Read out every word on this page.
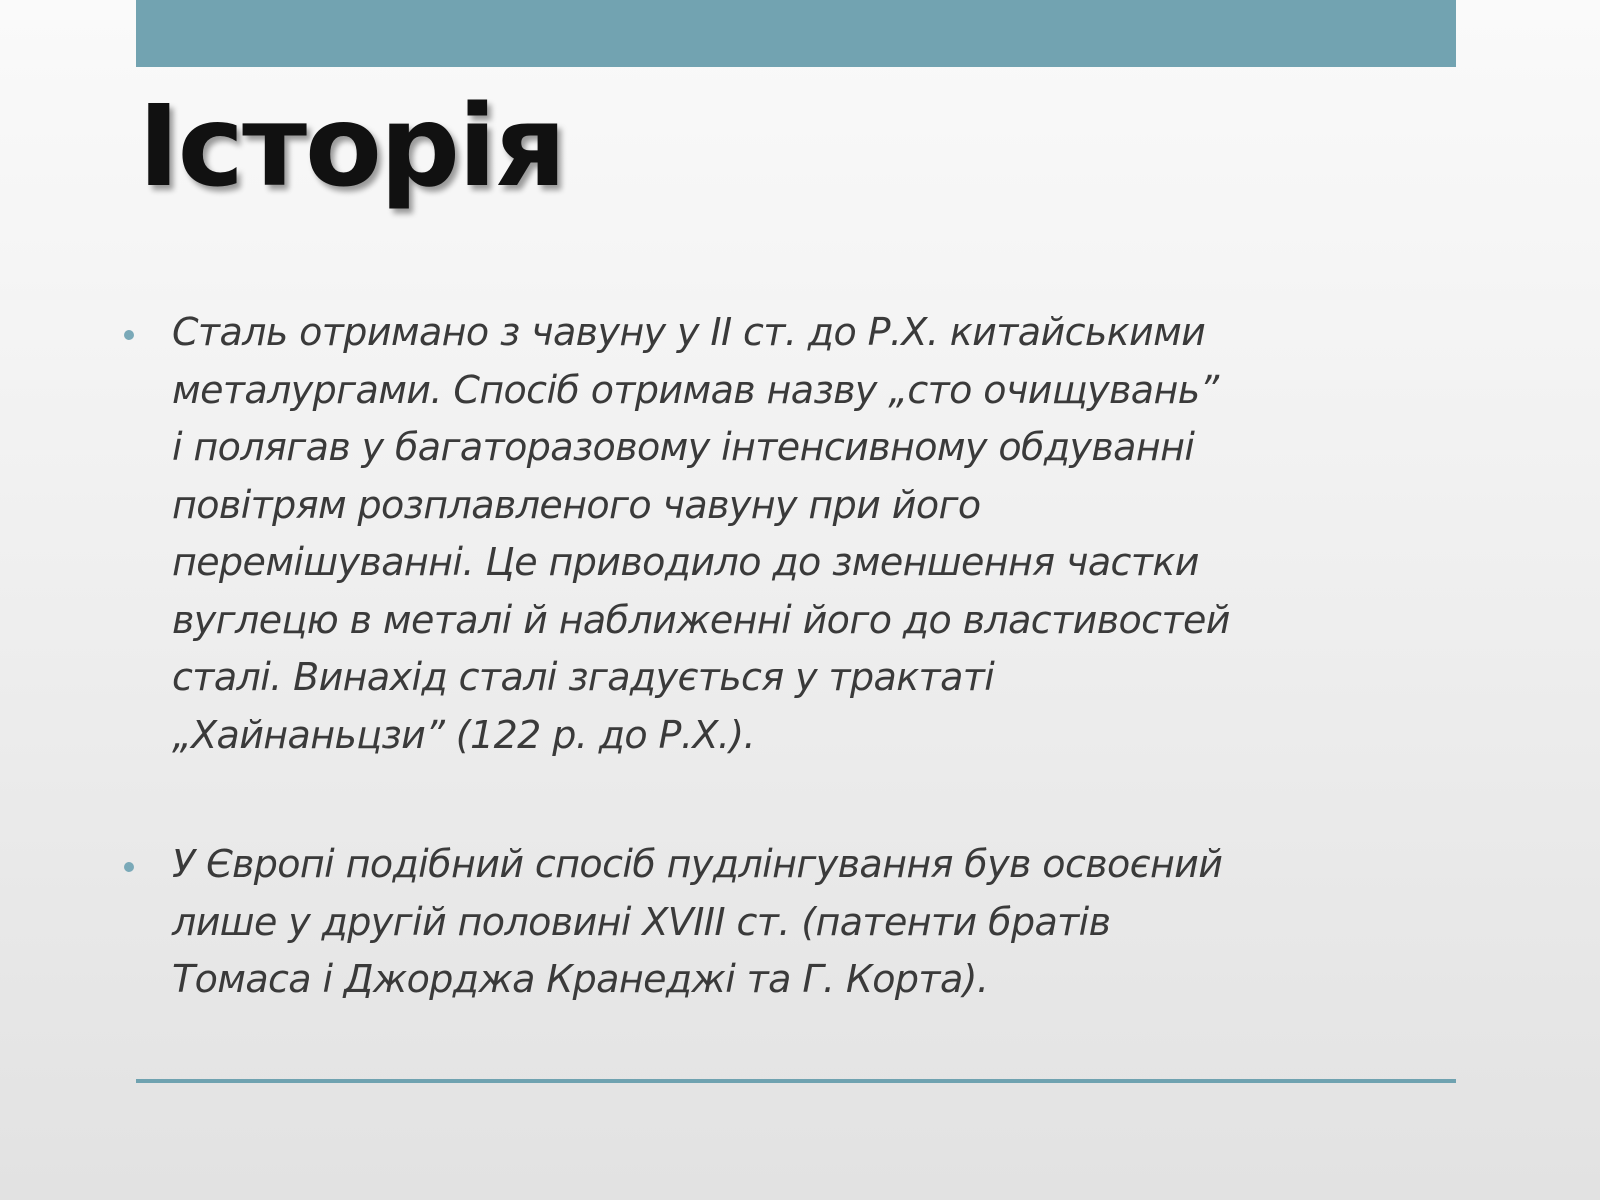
Історія
Сталь отримано з чавуну у II ст. до Р.Х. китайськими
металургами. Спосіб отримав назву „сто очищувань”
і полягав у багаторазовому інтенсивному обдуванні
повітрям розплавленого чавуну при його
перемішуванні. Це приводило до зменшення частки
вуглецю в металі й наближенні його до властивостей
сталі. Винахід сталі згадується у трактаті
„Хайнаньцзи” (122 р. до Р.Х.).
У Європі подібний спосіб пудлінгування був освоєний
лише у другій половині XVIII ст. (патенти братів
Томаса і Джорджа Кранеджі та Г. Корта).
